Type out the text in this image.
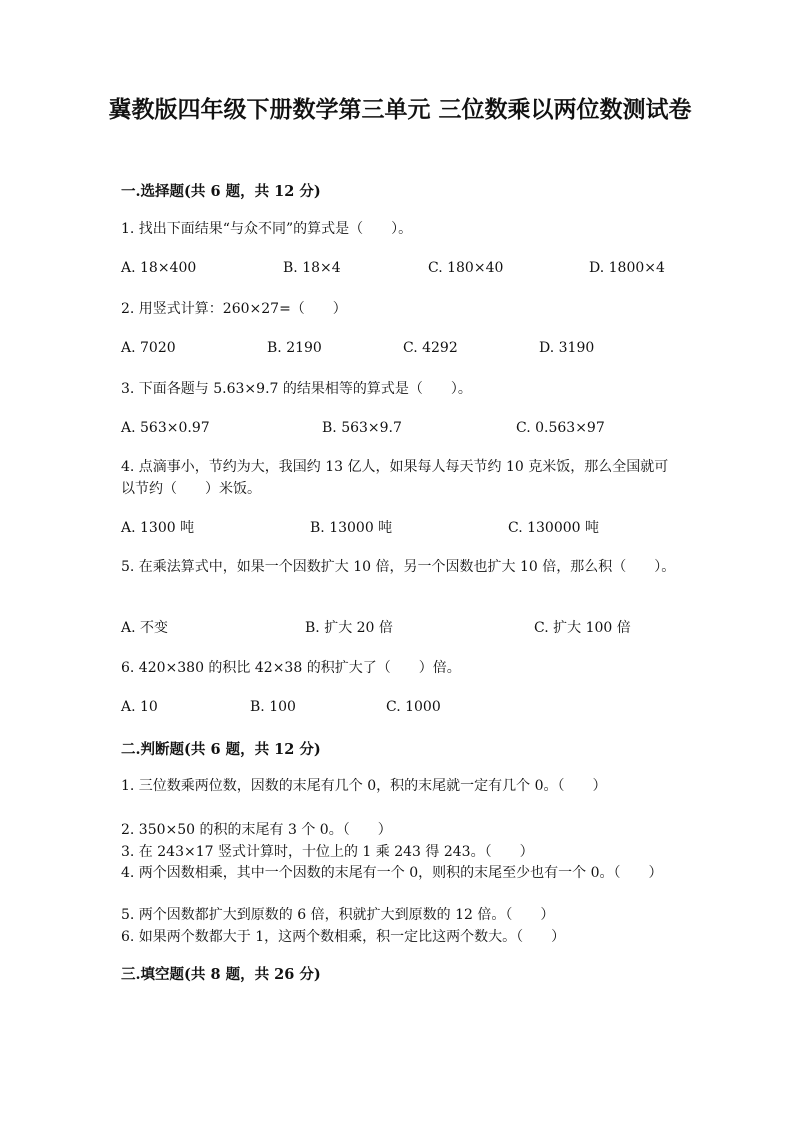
冀教版四年级下册数学第三单元 三位数乘以两位数测试卷
一.选择题(共 6 题，共 12 分)
1. 找出下面结果“与众不同”的算式是（　　）。
A. 18×400	B. 18×4	C. 180×40	D. 1800×4
2. 用竖式计算：260×27=（　　）
A. 7020	B. 2190	C. 4292	D. 3190
3. 下面各题与 5.63×9.7 的结果相等的算式是（　　）。
A. 563×0.97	B. 563×9.7	C. 0.563×97
4. 点滴事小，节约为大，我国约 13 亿人，如果每人每天节约 10 克米饭，那么全国就可以节约（　　）米饭。
A. 1300 吨	B. 13000 吨	C. 130000 吨
5. 在乘法算式中，如果一个因数扩大 10 倍，另一个因数也扩大 10 倍，那么积（　　）。
A. 不变	B. 扩大 20 倍	C. 扩大 100 倍
6. 420×380 的积比 42×38 的积扩大了（　　）倍。
A. 10	B. 100	C. 1000
二.判断题(共 6 题，共 12 分)
1. 三位数乘两位数，因数的末尾有几个 0，积的末尾就一定有几个 0。（　　）
2. 350×50 的积的末尾有 3 个 0。（　　）
3. 在 243×17 竖式计算时，十位上的 1 乘 243 得 243。（　　）
4. 两个因数相乘，其中一个因数的末尾有一个 0，则积的末尾至少也有一个 0。（　　）
5. 两个因数都扩大到原数的 6 倍，积就扩大到原数的 12 倍。（　　）
6. 如果两个数都大于 1，这两个数相乘，积一定比这两个数大。（　　）
三.填空题(共 8 题，共 26 分)
